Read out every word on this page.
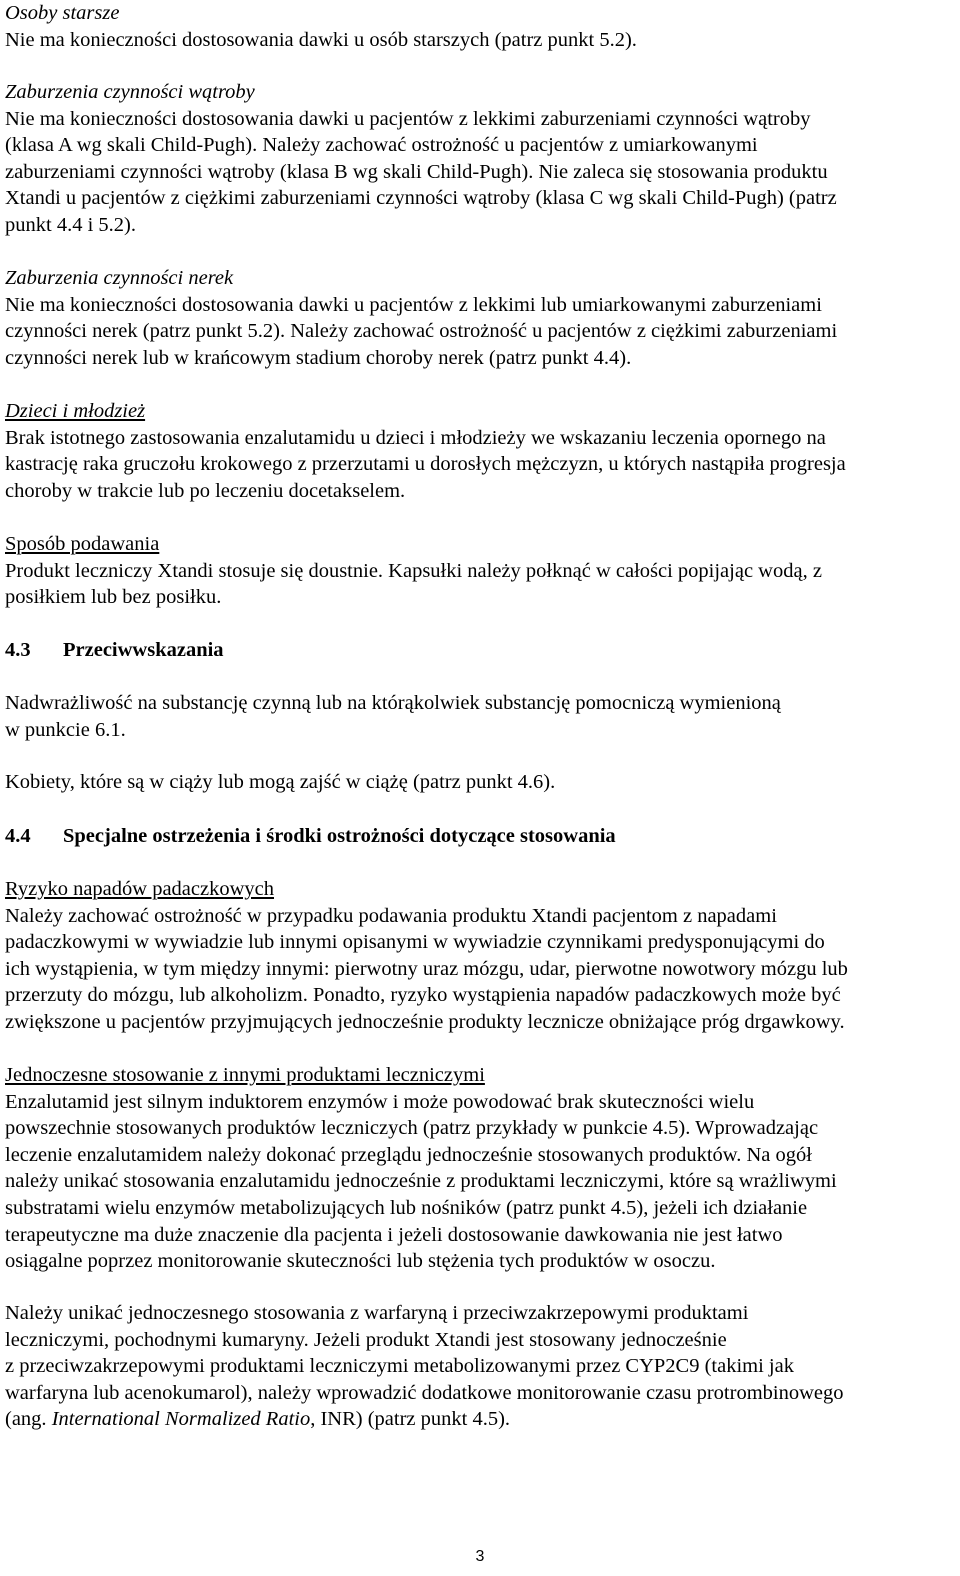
Osoby starsze

Nie ma konieczności dostosowania dawki u osób starszych (patrz punkt 5.2).

Zaburzenia czynności wątroby

Nie ma konieczności dostosowania dawki u pacjentów z lekkimi zaburzeniami czynności wątroby
(klasa A wg skali Child-Pugh). Należy zachować ostrożność u pacjentów z umiarkowanymi
zaburzeniami czynności wątroby (klasa B wg skali Child-Pugh). Nie zaleca się stosowania produktu
Xtandi u pacjentów z ciężkimi zaburzeniami czynności wątroby (klasa C wg skali Child-Pugh) (patrz
punkt 4.4 i 5.2).

Zaburzenia czynności nerek

Nie ma konieczności dostosowania dawki u pacjentów z lekkimi lub umiarkowanymi zaburzeniami
czynności nerek (patrz punkt 5.2). Należy zachować ostrożność u pacjentów z ciężkimi zaburzeniami
czynności nerek lub w krańcowym stadium choroby nerek (patrz punkt 4.4).

Dzieci i młodzież

Brak istotnego zastosowania enzalutamidu u dzieci i młodzieży we wskazaniu leczenia opornego na
kastrację raka gruczołu krokowego z przerzutami u dorosłych mężczyzn, u których nastąpiła progresja
choroby w trakcie lub po leczeniu docetakselem.

Sposób podawania

Produkt leczniczy Xtandi stosuje się doustnie. Kapsułki należy połknąć w całości popijając wodą, z
posiłkiem lub bez posiłku.

4.3 Przeciwwskazania

Nadwrażliwość na substancję czynną lub na którąkolwiek substancję pomocniczą wymienioną
w punkcie 6.1.

Kobiety, które są w ciąży lub mogą zajść w ciążę (patrz punkt 4.6).

4.4 Specjalne ostrzeżenia i środki ostrożności dotyczące stosowania

Ryzyko napadów padaczkowych

Należy zachować ostrożność w przypadku podawania produktu Xtandi pacjentom z napadami
padaczkowymi w wywiadzie lub innymi opisanymi w wywiadzie czynnikami predysponującymi do
ich wystąpienia, w tym między innymi: pierwotny uraz mózgu, udar, pierwotne nowotwory mózgu lub
przerzuty do mózgu, lub alkoholizm. Ponadto, ryzyko wystąpienia napadów padaczkowych może być
zwiększone u pacjentów przyjmujących jednocześnie produkty lecznicze obniżające próg drgawkowy.

Jednoczesne stosowanie z innymi produktami leczniczymi

Enzalutamid jest silnym induktorem enzymów i może powodować brak skuteczności wielu
powszechnie stosowanych produktów leczniczych (patrz przykłady w punkcie 4.5). Wprowadzając
leczenie enzalutamidem należy dokonać przeglądu jednocześnie stosowanych produktów. Na ogół
należy unikać stosowania enzalutamidu jednocześnie z produktami leczniczymi, które są wrażliwymi
substratami wielu enzymów metabolizujących lub nośników (patrz punkt 4.5), jeżeli ich działanie
terapeutyczne ma duże znaczenie dla pacjenta i jeżeli dostosowanie dawkowania nie jest łatwo
osiągalne poprzez monitorowanie skuteczności lub stężenia tych produktów w osoczu.

Należy unikać jednoczesnego stosowania z warfaryną i przeciwzakrzepowymi produktami
leczniczymi, pochodnymi kumaryny. Jeżeli produkt Xtandi jest stosowany jednocześnie
z przeciwzakrzepowymi produktami leczniczymi metabolizowanymi przez CYP2C9 (takimi jak
warfaryna lub acenokumarol), należy wprowadzić dodatkowe monitorowanie czasu protrombinowego
(ang. International Normalized Ratio, INR) (patrz punkt 4.5).

3
